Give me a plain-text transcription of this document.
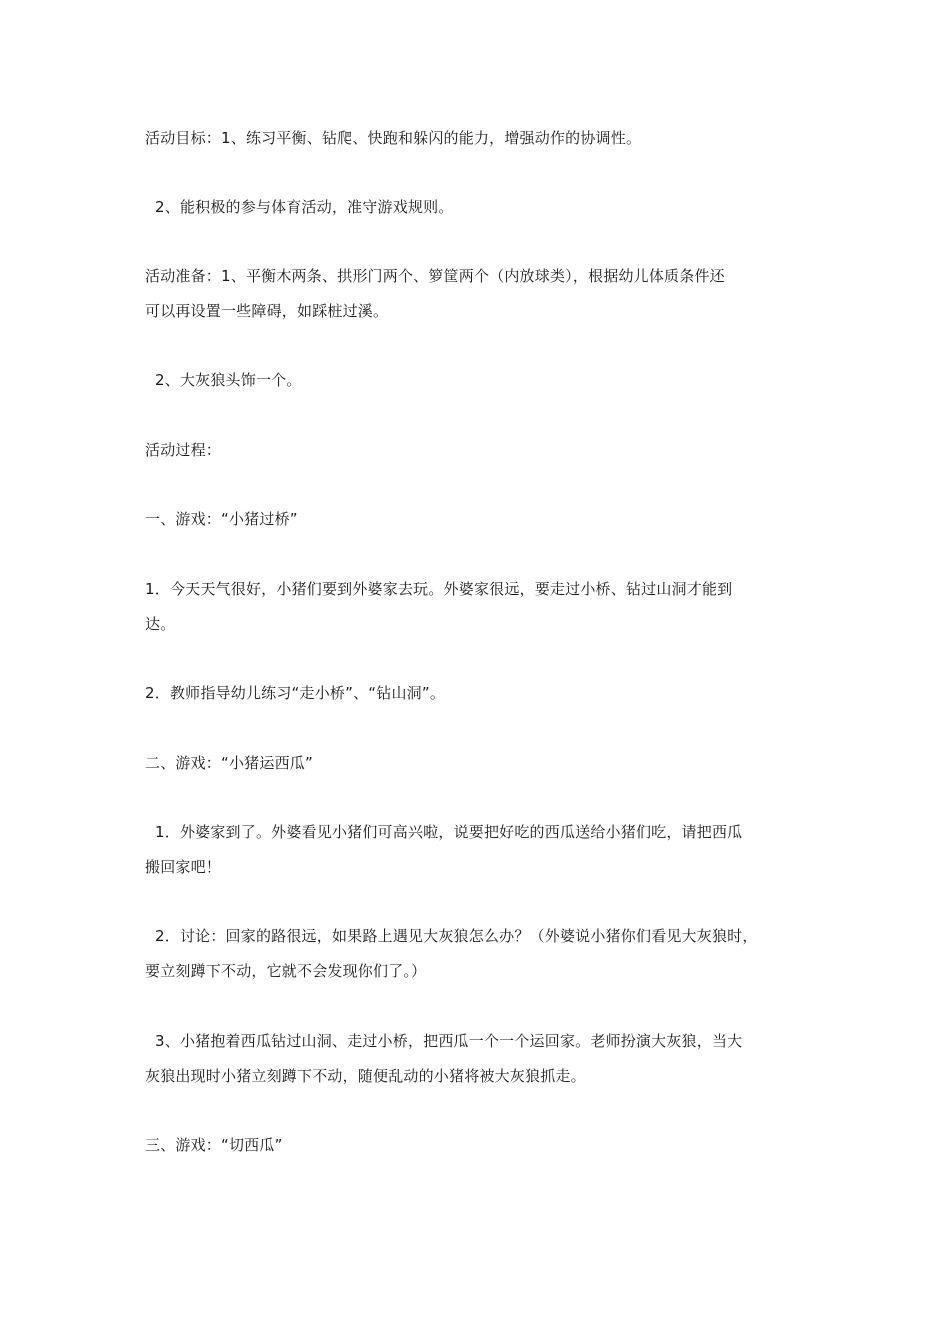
活动目标：1、练习平衡、钻爬、快跑和躲闪的能力，增强动作的协调性。
2、能积极的参与体育活动，准守游戏规则。
活动准备：1、平衡木两条、拱形门两个、箩筐两个（内放球类），根据幼儿体质条件还
可以再设置一些障碍，如踩桩过溪。
2、大灰狼头饰一个。
活动过程：
一、游戏：“小猪过桥”
1．今天天气很好，小猪们要到外婆家去玩。外婆家很远，要走过小桥、钻过山洞才能到
达。
2．教师指导幼儿练习“走小桥”、“钻山洞”。
二、游戏：“小猪运西瓜”
1．外婆家到了。外婆看见小猪们可高兴啦，说要把好吃的西瓜送给小猪们吃，请把西瓜
搬回家吧！
2．讨论：回家的路很远，如果路上遇见大灰狼怎么办？（外婆说小猪你们看见大灰狼时，
要立刻蹲下不动，它就不会发现你们了。）
3、小猪抱着西瓜钻过山洞、走过小桥，把西瓜一个一个运回家。老师扮演大灰狼，当大
灰狼出现时小猪立刻蹲下不动，随便乱动的小猪将被大灰狼抓走。
三、游戏：“切西瓜”
